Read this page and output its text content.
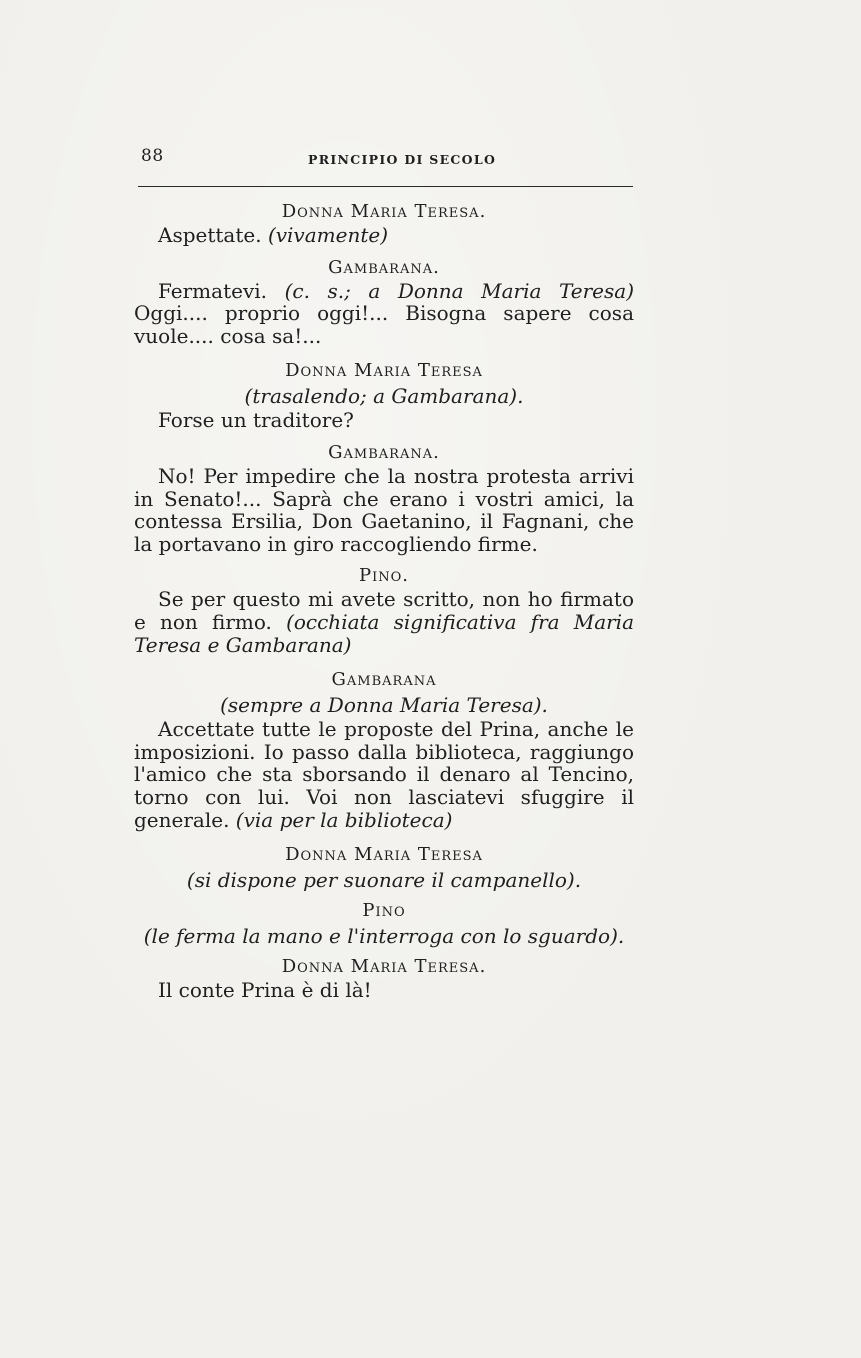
88	PRINCIPIO DI SECOLO

Donna Maria Teresa.

Aspettate. (vivamente)

Gambarana.

Fermatevi. (c. s.; a Donna Maria Teresa) Oggi.... proprio oggi!... Bisogna sapere cosa vuole.... cosa sa!...

Donna Maria Teresa

(trasalendo; a Gambarana).

Forse un traditore?

Gambarana.

No! Per impedire che la nostra protesta arrivi in Senato!... Saprà che erano i vostri amici, la contessa Ersilia, Don Gaetanino, il Fagnani, che la portavano in giro raccogliendo firme.

Pino.

Se per questo mi avete scritto, non ho firmato e non firmo. (occhiata significativa fra Maria Teresa e Gambarana)

Gambarana

(sempre a Donna Maria Teresa).

Accettate tutte le proposte del Prina, anche le imposizioni. Io passo dalla biblioteca, raggiungo l'amico che sta sborsando il denaro al Tencino, torno con lui. Voi non lasciatevi sfuggire il generale. (via per la biblioteca)

Donna Maria Teresa

(si dispone per suonare il campanello).

Pino

(le ferma la mano e l'interroga con lo sguardo).

Donna Maria Teresa.

Il conte Prina è di là!
